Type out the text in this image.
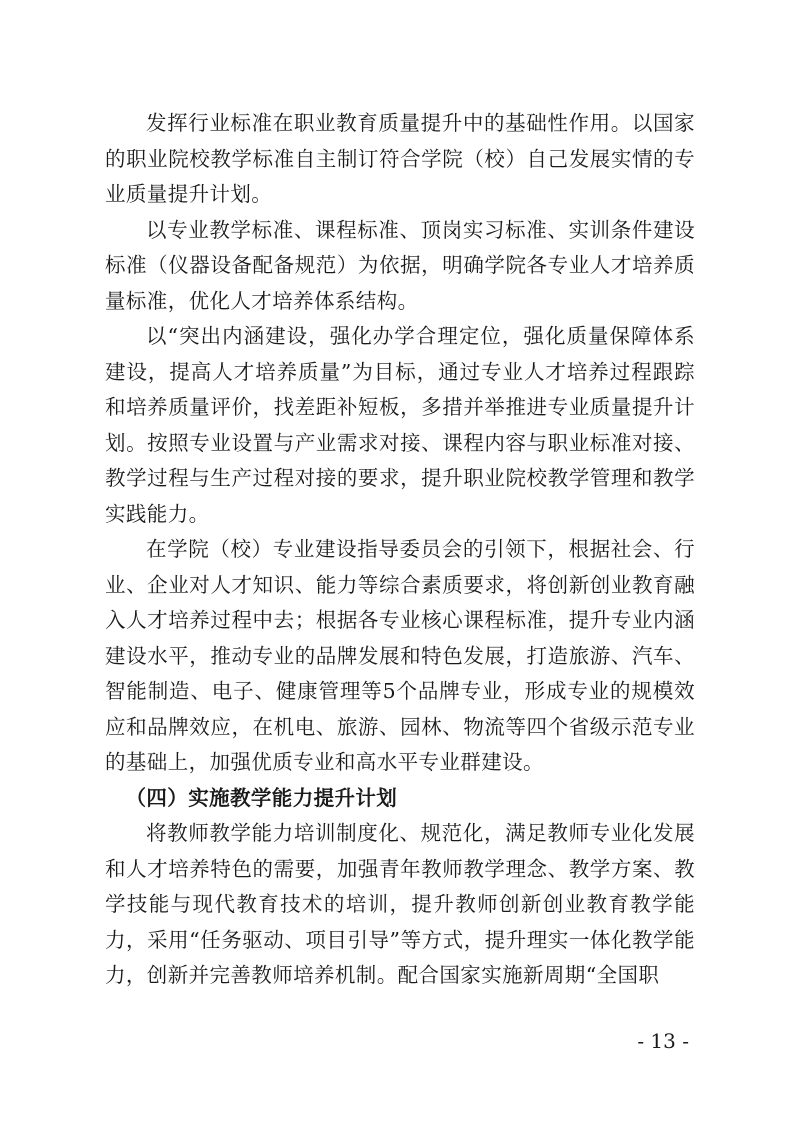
发挥行业标准在职业教育质量提升中的基础性作用。以国家的职业院校教学标准自主制订符合学院（校）自己发展实情的专业质量提升计划。

以专业教学标准、课程标准、顶岗实习标准、实训条件建设标准（仪器设备配备规范）为依据，明确学院各专业人才培养质量标准，优化人才培养体系结构。

以“突出内涵建设，强化办学合理定位，强化质量保障体系建设，提高人才培养质量”为目标，通过专业人才培养过程跟踪和培养质量评价，找差距补短板，多措并举推进专业质量提升计划。按照专业设置与产业需求对接、课程内容与职业标准对接、教学过程与生产过程对接的要求，提升职业院校教学管理和教学实践能力。

在学院（校）专业建设指导委员会的引领下，根据社会、行业、企业对人才知识、能力等综合素质要求，将创新创业教育融入人才培养过程中去；根据各专业核心课程标准，提升专业内涵建设水平，推动专业的品牌发展和特色发展，打造旅游、汽车、智能制造、电子、健康管理等5个品牌专业，形成专业的规模效应和品牌效应，在机电、旅游、园林、物流等四个省级示范专业的基础上，加强优质专业和高水平专业群建设。

（四）实施教学能力提升计划

将教师教学能力培训制度化、规范化，满足教师专业化发展和人才培养特色的需要，加强青年教师教学理念、教学方案、教学技能与现代教育技术的培训，提升教师创新创业教育教学能力，采用“任务驱动、项目引导”等方式，提升理实一体化教学能力，创新并完善教师培养机制。配合国家实施新周期“全国职

- 13 -
